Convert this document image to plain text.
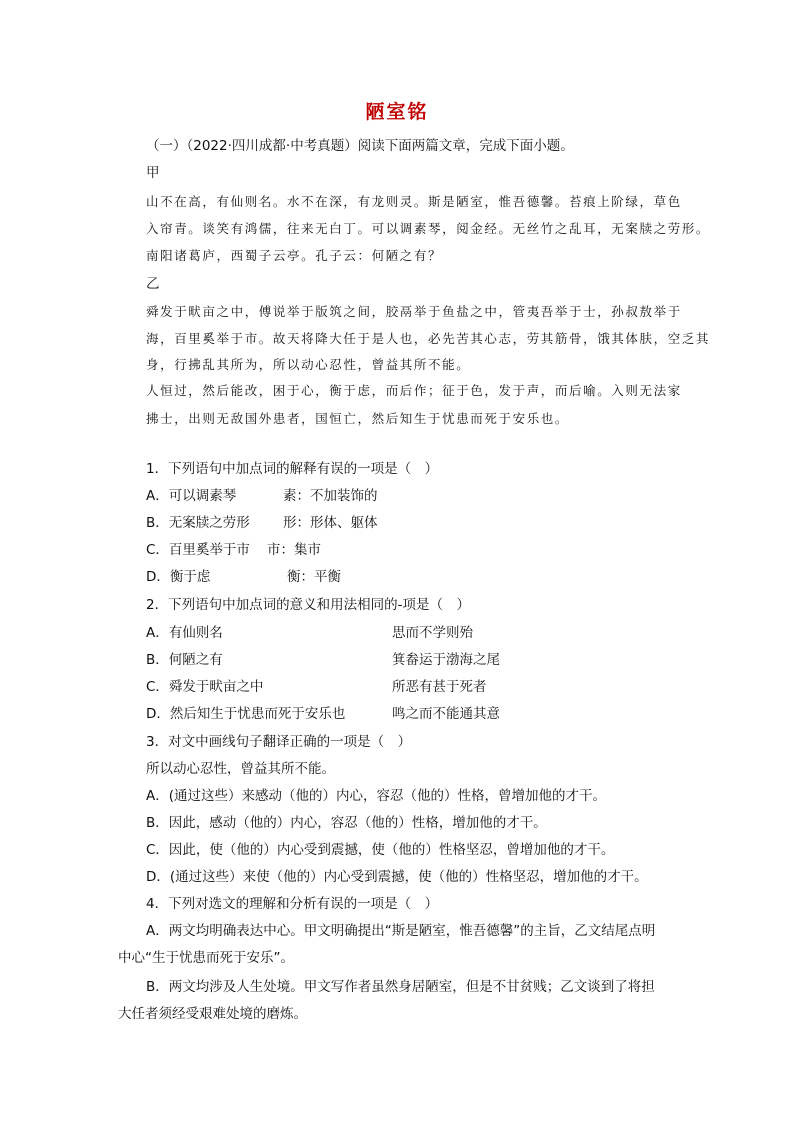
陋室铭
（一）（2022·四川成都·中考真题）阅读下面两篇文章，完成下面小题。
甲
山不在高，有仙则名。水不在深，有龙则灵。斯是陋室，惟吾德馨。苔痕上阶绿，草色
入帘青。谈笑有鸿儒，往来无白丁。可以调素琴，阅金经。无丝竹之乱耳，无案牍之劳形。
南阳诸葛庐，西蜀子云亭。孔子云：何陋之有？
乙
舜发于畎亩之中，傅说举于版筑之间，胶鬲举于鱼盐之中，管夷吾举于士，孙叔敖举于
海，百里奚举于市。故天将降大任于是人也，必先苦其心志，劳其筋骨，饿其体肤，空乏其
身，行拂乱其所为，所以动心忍性，曾益其所不能。
人恒过，然后能改，困于心，衡于虑，而后作；征于色，发于声，而后喻。入则无法家
拂士，出则无敌国外患者，国恒亡，然后知生于忧患而死于安乐也。
1．下列语句中加点词的解释有误的一项是（　）
A．可以调素琴	素：不加装饰的
B．无案牍之劳形 形：形体、躯体
C．百里奚举于市 市：集市
D．衡于虑	衡：平衡
2．下列语句中加点词的意义和用法相同的-项是（　）
A．有仙则名	思而不学则殆
B．何陋之有	箕畚运于渤海之尾
C．舜发于畎亩之中	所恶有甚于死者
D．然后知生于忧患而死于安乐也	鸣之而不能通其意
3．对文中画线句子翻译正确的一项是（　）
所以动心忍性，曾益其所不能。
A．(通过这些）来感动（他的）内心，容忍（他的）性格，曾增加他的才干。
B．因此，感动（他的）内心，容忍（他的）性格，增加他的才干。
C．因此，使（他的）内心受到震撼，使（他的）性格坚忍，曾增加他的才干。
D．(通过这些）来使（他的）内心受到震撼，使（他的）性格坚忍，增加他的才干。
4．下列对选文的理解和分析有误的一项是（　）
A．两文均明确表达中心。甲文明确提出“斯是陋室，惟吾德馨”的主旨，乙文结尾点明
中心“生于忧患而死于安乐”。
B．两文均涉及人生处境。甲文写作者虽然身居陋室，但是不甘贫贱；乙文谈到了将担
大任者须经受艰难处境的磨炼。
